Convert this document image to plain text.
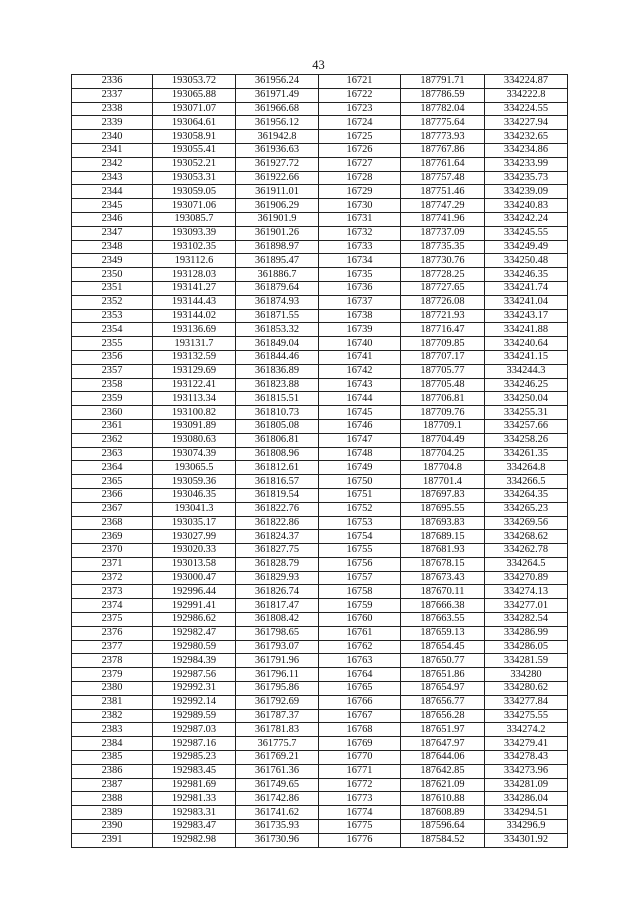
43
2336	193053.72	361956.24	16721	187791.71	334224.87
2337	193065.88	361971.49	16722	187786.59	334222.8
2338	193071.07	361966.68	16723	187782.04	334224.55
2339	193064.61	361956.12	16724	187775.64	334227.94
2340	193058.91	361942.8	16725	187773.93	334232.65
2341	193055.41	361936.63	16726	187767.86	334234.86
2342	193052.21	361927.72	16727	187761.64	334233.99
2343	193053.31	361922.66	16728	187757.48	334235.73
2344	193059.05	361911.01	16729	187751.46	334239.09
2345	193071.06	361906.29	16730	187747.29	334240.83
2346	193085.7	361901.9	16731	187741.96	334242.24
2347	193093.39	361901.26	16732	187737.09	334245.55
2348	193102.35	361898.97	16733	187735.35	334249.49
2349	193112.6	361895.47	16734	187730.76	334250.48
2350	193128.03	361886.7	16735	187728.25	334246.35
2351	193141.27	361879.64	16736	187727.65	334241.74
2352	193144.43	361874.93	16737	187726.08	334241.04
2353	193144.02	361871.55	16738	187721.93	334243.17
2354	193136.69	361853.32	16739	187716.47	334241.88
2355	193131.7	361849.04	16740	187709.85	334240.64
2356	193132.59	361844.46	16741	187707.17	334241.15
2357	193129.69	361836.89	16742	187705.77	334244.3
2358	193122.41	361823.88	16743	187705.48	334246.25
2359	193113.34	361815.51	16744	187706.81	334250.04
2360	193100.82	361810.73	16745	187709.76	334255.31
2361	193091.89	361805.08	16746	187709.1	334257.66
2362	193080.63	361806.81	16747	187704.49	334258.26
2363	193074.39	361808.96	16748	187704.25	334261.35
2364	193065.5	361812.61	16749	187704.8	334264.8
2365	193059.36	361816.57	16750	187701.4	334266.5
2366	193046.35	361819.54	16751	187697.83	334264.35
2367	193041.3	361822.76	16752	187695.55	334265.23
2368	193035.17	361822.86	16753	187693.83	334269.56
2369	193027.99	361824.37	16754	187689.15	334268.62
2370	193020.33	361827.75	16755	187681.93	334262.78
2371	193013.58	361828.79	16756	187678.15	334264.5
2372	193000.47	361829.93	16757	187673.43	334270.89
2373	192996.44	361826.74	16758	187670.11	334274.13
2374	192991.41	361817.47	16759	187666.38	334277.01
2375	192986.62	361808.42	16760	187663.55	334282.54
2376	192982.47	361798.65	16761	187659.13	334286.99
2377	192980.59	361793.07	16762	187654.45	334286.05
2378	192984.39	361791.96	16763	187650.77	334281.59
2379	192987.56	361796.11	16764	187651.86	334280
2380	192992.31	361795.86	16765	187654.97	334280.62
2381	192992.14	361792.69	16766	187656.77	334277.84
2382	192989.59	361787.37	16767	187656.28	334275.55
2383	192987.03	361781.83	16768	187651.97	334274.2
2384	192987.16	361775.7	16769	187647.97	334279.41
2385	192985.23	361769.21	16770	187644.06	334278.43
2386	192983.45	361761.36	16771	187642.85	334273.96
2387	192981.69	361749.65	16772	187621.09	334281.09
2388	192981.33	361742.86	16773	187610.88	334286.04
2389	192983.31	361741.62	16774	187608.89	334294.51
2390	192983.47	361735.93	16775	187596.64	334296.9
2391	192982.98	361730.96	16776	187584.52	334301.92
